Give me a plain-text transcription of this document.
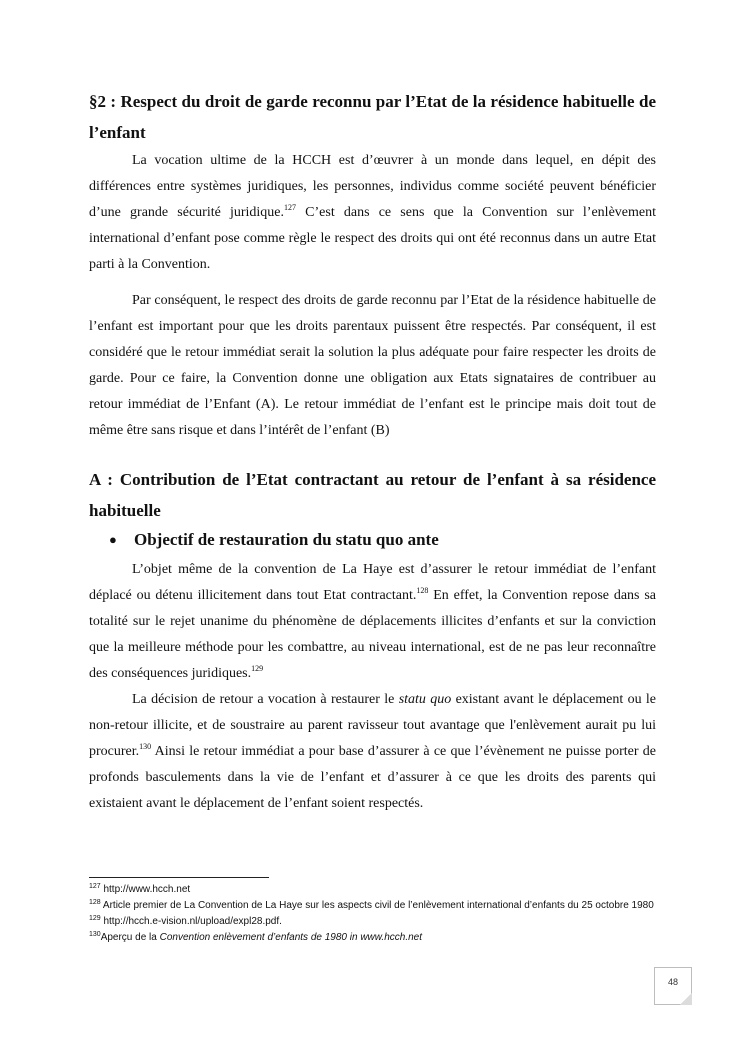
§2 : Respect du droit de garde reconnu par l’Etat de la résidence habituelle de l’enfant

La vocation ultime de la HCCH est d’œuvrer à un monde dans lequel, en dépit des différences entre systèmes juridiques, les personnes, individus comme société peuvent bénéficier d’une grande sécurité juridique.$^{127}$ C’est dans ce sens que la Convention sur l’enlèvement international d’enfant pose comme règle le respect des droits qui ont été reconnus dans un autre Etat parti à la Convention.

Par conséquent, le respect des droits de garde reconnu par l’Etat de la résidence habituelle de l’enfant est important pour que les droits parentaux puissent être respectés. Par conséquent, il est considéré que le retour immédiat serait la solution la plus adéquate pour faire respecter les droits de garde. Pour ce faire, la Convention donne une obligation aux Etats signataires de contribuer au retour immédiat de l’Enfant (A). Le retour immédiat de l’enfant est le principe mais doit tout de même être sans risque et dans l’intérêt de l’enfant (B)

A : Contribution de l’Etat contractant au retour de l’enfant à sa résidence habituelle
●	Objectif de restauration du statu quo ante

L’objet même de la convention de La Haye est d’assurer le retour immédiat de l’enfant déplacé ou détenu illicitement dans tout Etat contractant.$^{128}$ En effet, la Convention repose dans sa totalité sur le rejet unanime du phénomène de déplacements illicites d’enfants et sur la conviction que la meilleure méthode pour les combattre, au niveau international, est de ne pas leur reconnaître des conséquences juridiques.$^{129}$

La décision de retour a vocation à restaurer le statu quo existant avant le déplacement ou le non-retour illicite, et de soustraire au parent ravisseur tout avantage que l'enlèvement aurait pu lui procurer.$^{130}$ Ainsi le retour immédiat a pour base d’assurer à ce que l’évènement ne puisse porter de profonds basculements dans la vie de l’enfant et d’assurer à ce que les droits des parents qui existaient avant le déplacement de l’enfant soient respectés.

$^{127}$ http://www.hcch.net
$^{128}$ Article premier de La Convention de La Haye sur les aspects civil de l’enlèvement international d’enfants du 25 octobre 1980
$^{129}$ http://hcch.e-vision.nl/upload/expl28.pdf.
$^{130}$Aperçu de la Convention enlèvement d’enfants de 1980 in www.hcch.net
48
